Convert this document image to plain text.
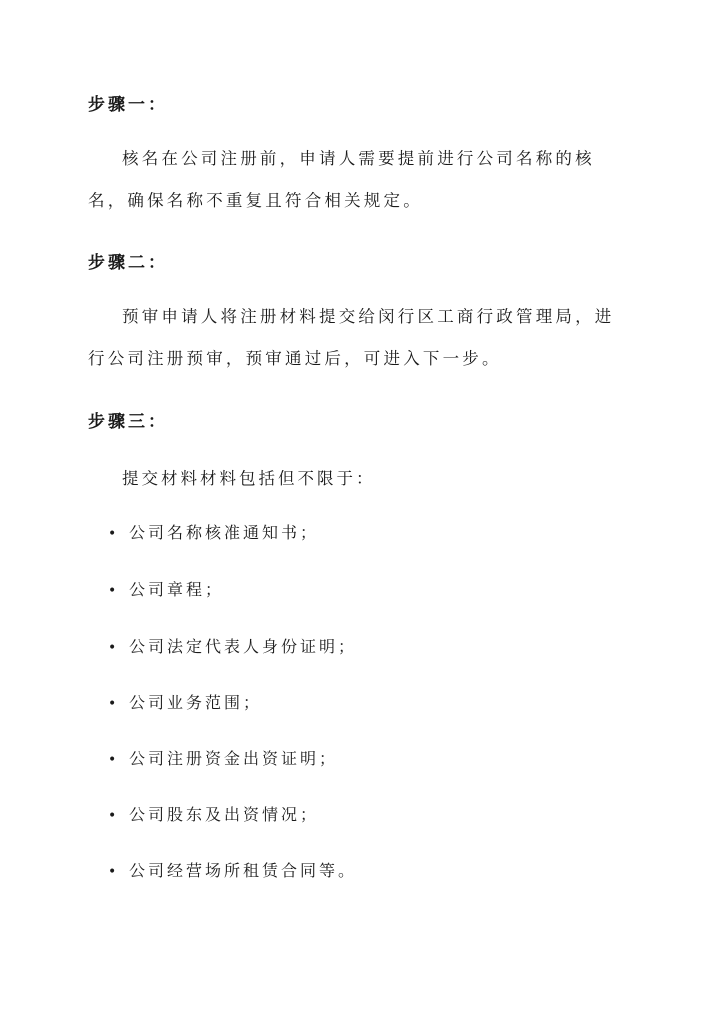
步骤一：

核名在公司注册前，申请人需要提前进行公司名称的核名，确保名称不重复且符合相关规定。

步骤二：

预审申请人将注册材料提交给闵行区工商行政管理局，进行公司注册预审，预审通过后，可进入下一步。

步骤三：

提交材料材料包括但不限于：

• 公司名称核准通知书；
• 公司章程；
• 公司法定代表人身份证明；
• 公司业务范围；
• 公司注册资金出资证明；
• 公司股东及出资情况；
• 公司经营场所租赁合同等。
